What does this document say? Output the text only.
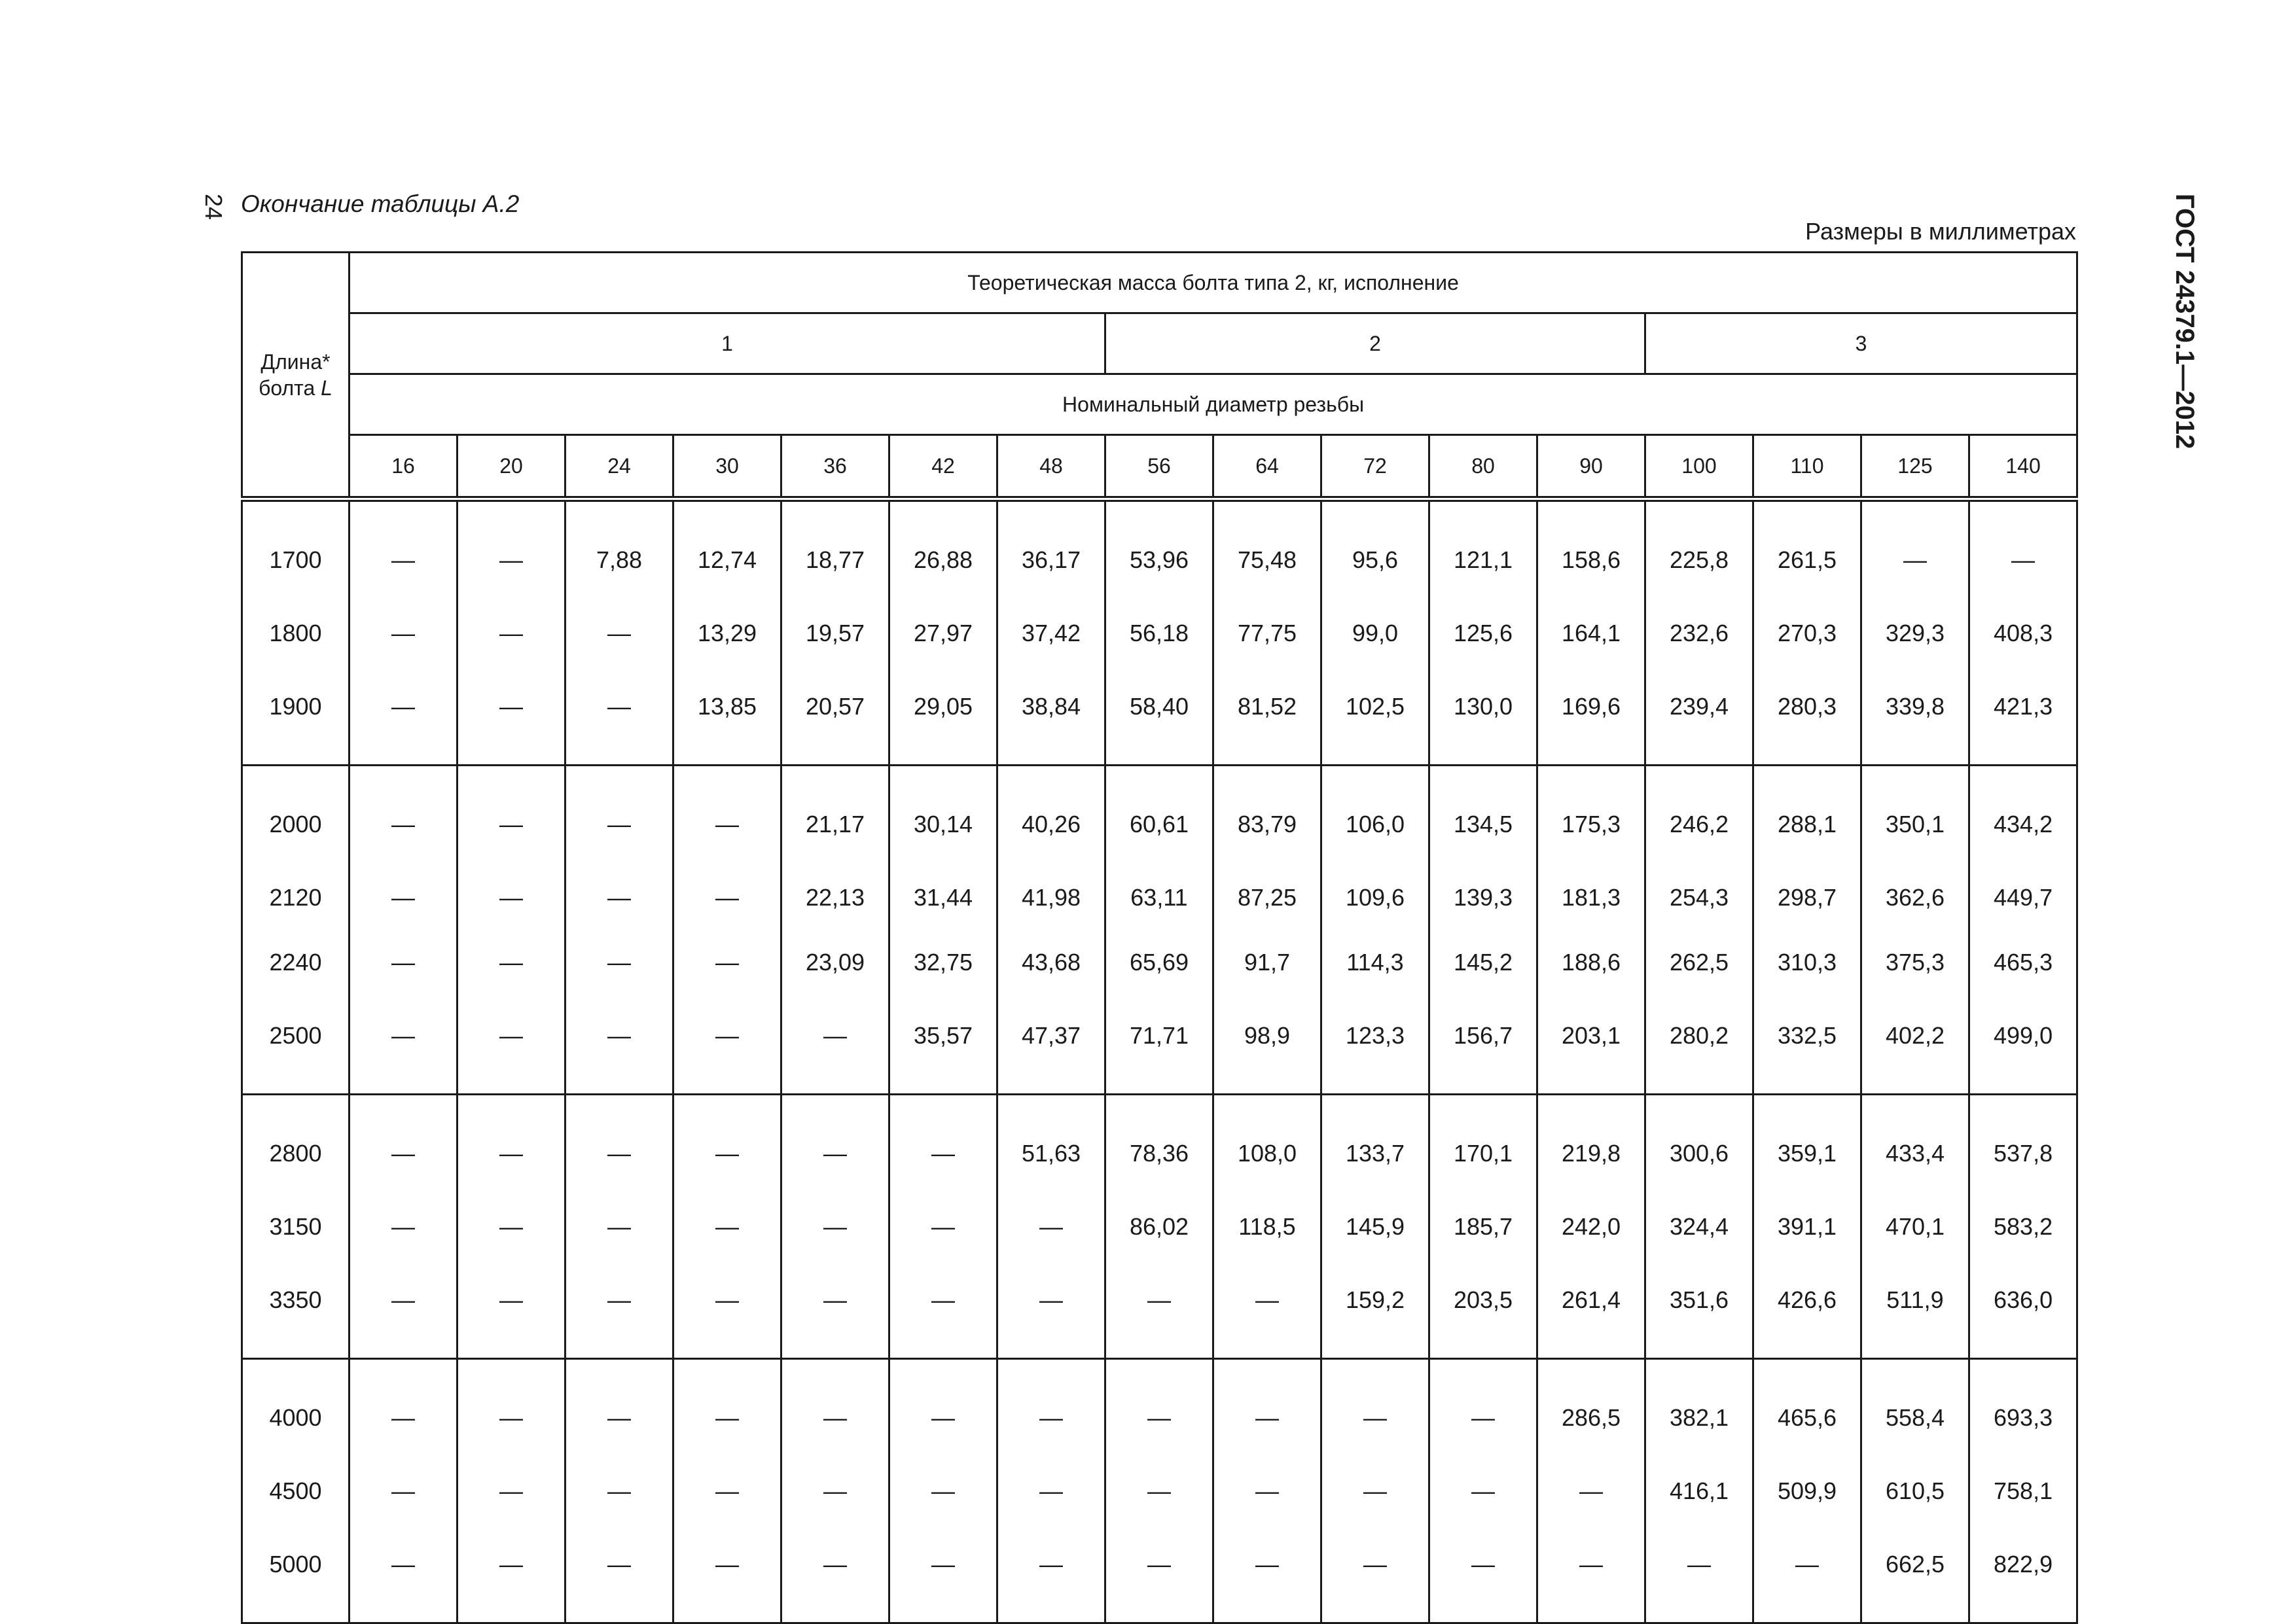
24 Окончание таблицы А.2
Размеры в миллиметрах	ГОСТ 24379.1—2012
Длина*
болта L	Теоретическая масса болта типа 2, кг, исполнение															
	1							2					3			
	Номинальный диаметр резьбы															
	16	20	24	30	36	42	48	56	64	72	80	90	100	110	125	140
1700	—	—	7,88	12,74	18,77	26,88	36,17	53,96	75,48	95,6	121,1	158,6	225,8	261,5	—	—
1800	—	—	—	13,29	19,57	27,97	37,42	56,18	77,75	99,0	125,6	164,1	232,6	270,3	329,3	408,3
1900	—	—	—	13,85	20,57	29,05	38,84	58,40	81,52	102,5	130,0	169,6	239,4	280,3	339,8	421,3
2000	—	—	—	—	21,17	30,14	40,26	60,61	83,79	106,0	134,5	175,3	246,2	288,1	350,1	434,2
2120	—	—	—	—	22,13	31,44	41,98	63,11	87,25	109,6	139,3	181,3	254,3	298,7	362,6	449,7
2240	—	—	—	—	23,09	32,75	43,68	65,69	91,7	114,3	145,2	188,6	262,5	310,3	375,3	465,3
2500	—	—	—	—	—	35,57	47,37	71,71	98,9	123,3	156,7	203,1	280,2	332,5	402,2	499,0
2800	—	—	—	—	—	—	51,63	78,36	108,0	133,7	170,1	219,8	300,6	359,1	433,4	537,8
3150	—	—	—	—	—	—	—	86,02	118,5	145,9	185,7	242,0	324,4	391,1	470,1	583,2
3350	—	—	—	—	—	—	—	—	—	159,2	203,5	261,4	351,6	426,6	511,9	636,0
4000	—	—	—	—	—	—	—	—	—	—	—	286,5	382,1	465,6	558,4	693,3
4500	—	—	—	—	—	—	—	—	—	—	—	—	416,1	509,9	610,5	758,1
5000	—	—	—	—	—	—	—	—	—	—	—	—	—	—	662,5	822,9
